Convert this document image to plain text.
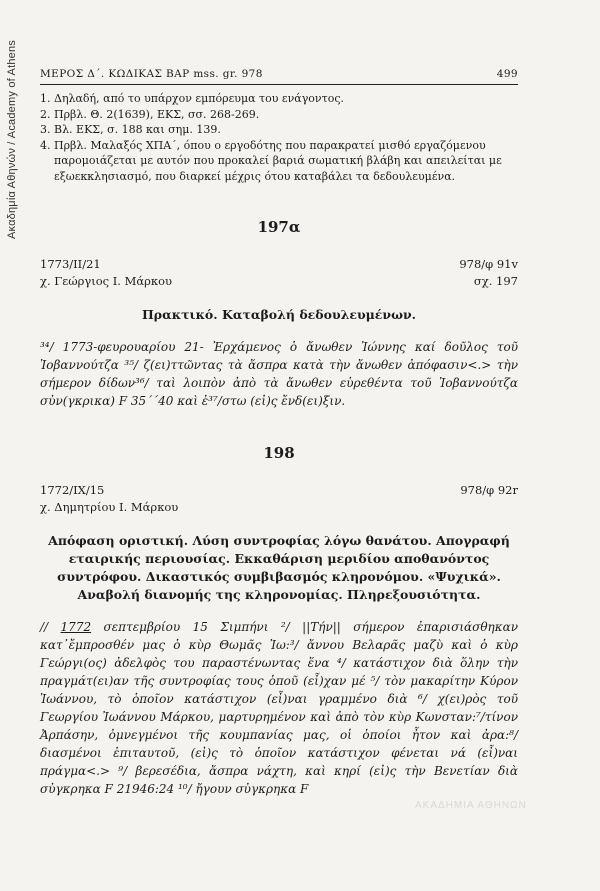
Ακαδημία Αθηνών / Academy of Athens ΜΕΡΟΣ Δ΄. ΚΩΔΙΚΑΣ ΒΑΡ mss. gr. 978	499
1. Δηλαδή, από το υπάρχον εμπόρευμα του ενάγοντος.
2. Πρβλ. Θ. 2(1639), ΕΚΣ, σσ. 268-269.
3. Βλ. ΕΚΣ, σ. 188 και σημ. 139.
4. Πρβλ. Μαλαξός ΧΠΑ΄, όπου ο εργοδότης που παρακρατεί μισθό εργαζόμενου παρομοιάζεται με αυτόν που προκαλεί βαριά σωματική βλάβη και απειλείται με εξωεκκλησιασμό, που διαρκεί μέχρις ότου καταβάλει τα δεδουλευμένα.
197α
1773/II/21	978/φ 91v
χ. Γεώργιος Ι. Μάρκου	σχ. 197
Πρακτικό. Καταβολή δεδουλευμένων.
³⁴/ 1773-φευρουαρίου 21- Ἐρχάμενος ὁ ἄνωθεν Ἰώννης καί δοῦλος τοῦ Ἰοβαννούτζα ³⁵/ ζ(ει)ττῶντας τὰ ἄσπρα κατὰ τὴν ἄνωθεν ἀπόφασιν<.> τὴν σήμερον δίδων³⁶/ ταὶ λοιπὸν ἀπὸ τὰ ἄνωθεν εὑρεθέντα τοῦ Ἰοβαννούτζα σὐν(γκρικα) F 35΄΄40 καὶ ἐ³⁷/στω (εἰ)ς ἔνδ(ει)ξιν.
198
1772/IX/15	978/φ 92r
χ. Δημητρίου Ι. Μάρκου
Απόφαση οριστική. Λύση συντροφίας λόγω θανάτου. Απογραφή εταιρικής περιουσίας. Εκκαθάριση μεριδίου αποθανόντος συντρόφου. Δικαστικός συμβιβασμός κληρονόμου. «Ψυχικά». Αναβολή διανομής της κληρονομίας. Πληρεξουσιότητα.
// 1772 σεπτεμβρίου 15 Σιμπήνι ²/ ||Τήν|| σήμερον ἐπαρισιάσθηκαν κατ᾽ἔμπροσθέν μας ὁ κὺρ Θωμᾶς Ἰω:³/ ἄννου Βελαρᾶς μαζὺ καὶ ὁ κὺρ Γεώργι(ος) ἀδελφὸς του παραστένωντας ἕνα ⁴/ κατάστιχον διὰ ὅλην τὴν πραγμάτ(ει)αν τῆς συντροφίας τους ὁποῦ (εἶ)χαν μέ ⁵/ τὸν μακαρίτην Κύρον Ἰωάννου, τὸ ὁποῖον κατάστιχον (εἶ)ναι γραμμένο διὰ ⁶/ χ(ει)ρὸς τοῦ Γεωργίου Ἰωάννου Μάρκου, μαρτυρημένον καὶ ἀπὸ τὸν κὺρ Κωνσταν:⁷/τίνον Ἀρπάσην, ὀμνεγμένοι τῆς κουμπανίας μας, οἱ ὁποίοι ἦτον καὶ ἀρα:⁸/διασμένοι ἐπιταυτοῦ, (εἰ)ς τὸ ὁποῖον κατάστιχον φένεται νά (εἶ)ναι πράγμα<.> ⁹/ βερεσέδια, ἄσπρα νάχτη, καὶ κηρί (εἰ)ς τὴν Βενετίαν διὰ σὐγκρηκα F 21946:24 ¹⁰/ ἤγουν σὐγκρηκα F
ΑΚΑΔΗΜΙΑ ΑΘΗΝΩΝ
